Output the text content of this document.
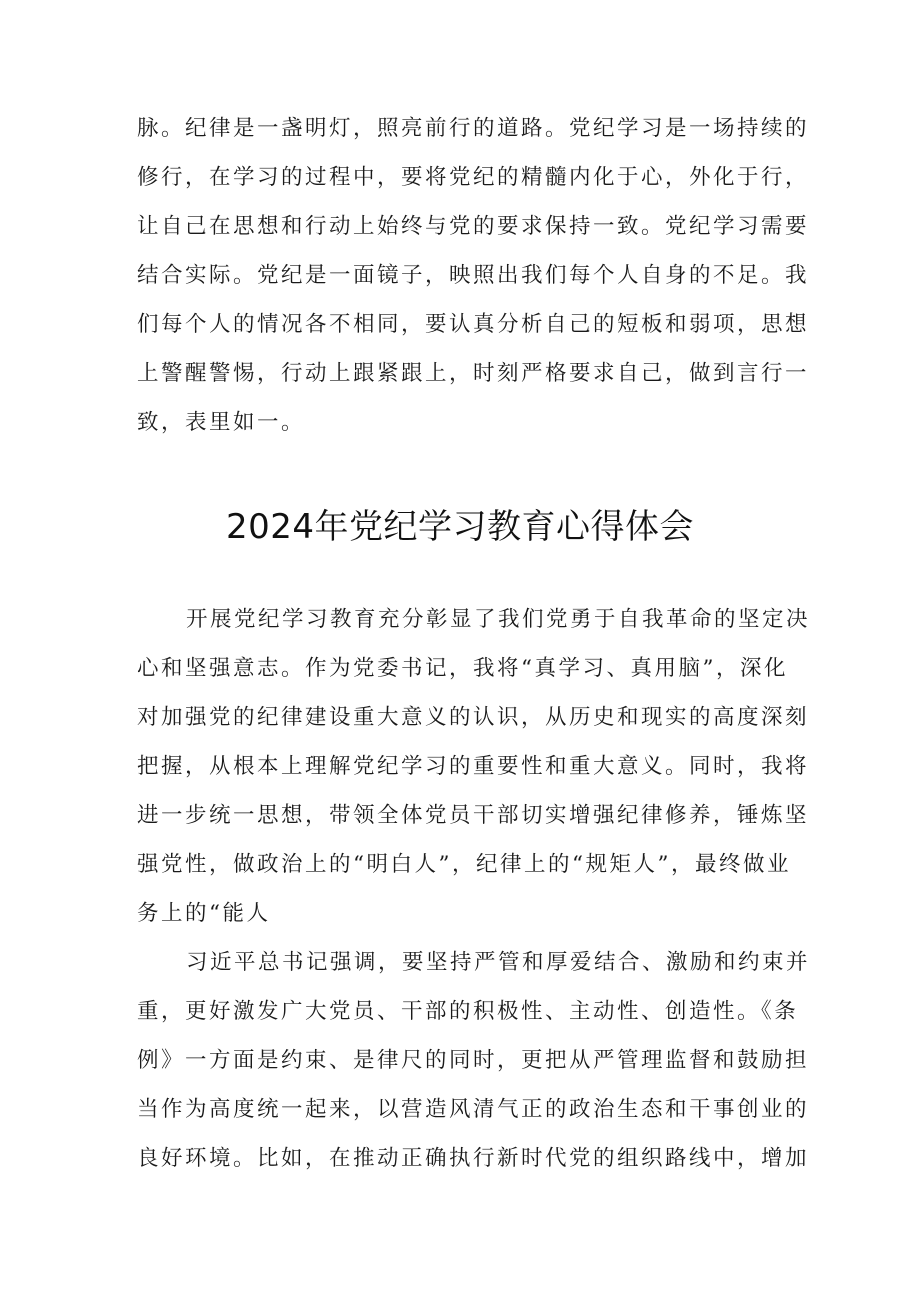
脉。纪律是一盏明灯，照亮前行的道路。党纪学习是一场持续的
修行，在学习的过程中，要将党纪的精髓内化于心，外化于行，
让自己在思想和行动上始终与党的要求保持一致。党纪学习需要
结合实际。党纪是一面镜子，映照出我们每个人自身的不足。我
们每个人的情况各不相同，要认真分析自己的短板和弱项，思想
上警醒警惕，行动上跟紧跟上，时刻严格要求自己，做到言行一
致，表里如一。
2024年党纪学习教育心得体会
开展党纪学习教育充分彰显了我们党勇于自我革命的坚定决
心和坚强意志。作为党委书记，我将“真学习、真用脑”，深化
对加强党的纪律建设重大意义的认识，从历史和现实的高度深刻
把握，从根本上理解党纪学习的重要性和重大意义。同时，我将
进一步统一思想，带领全体党员干部切实增强纪律修养，锤炼坚
强党性，做政治上的“明白人”，纪律上的“规矩人”，最终做业
务上的“能人
习近平总书记强调，要坚持严管和厚爱结合、激励和约束并
重，更好激发广大党员、干部的积极性、主动性、创造性。《条
例》一方面是约束、是律尺的同时，更把从严管理监督和鼓励担
当作为高度统一起来，以营造风清气正的政治生态和干事创业的
良好环境。比如，在推动正确执行新时代党的组织路线中，增加
